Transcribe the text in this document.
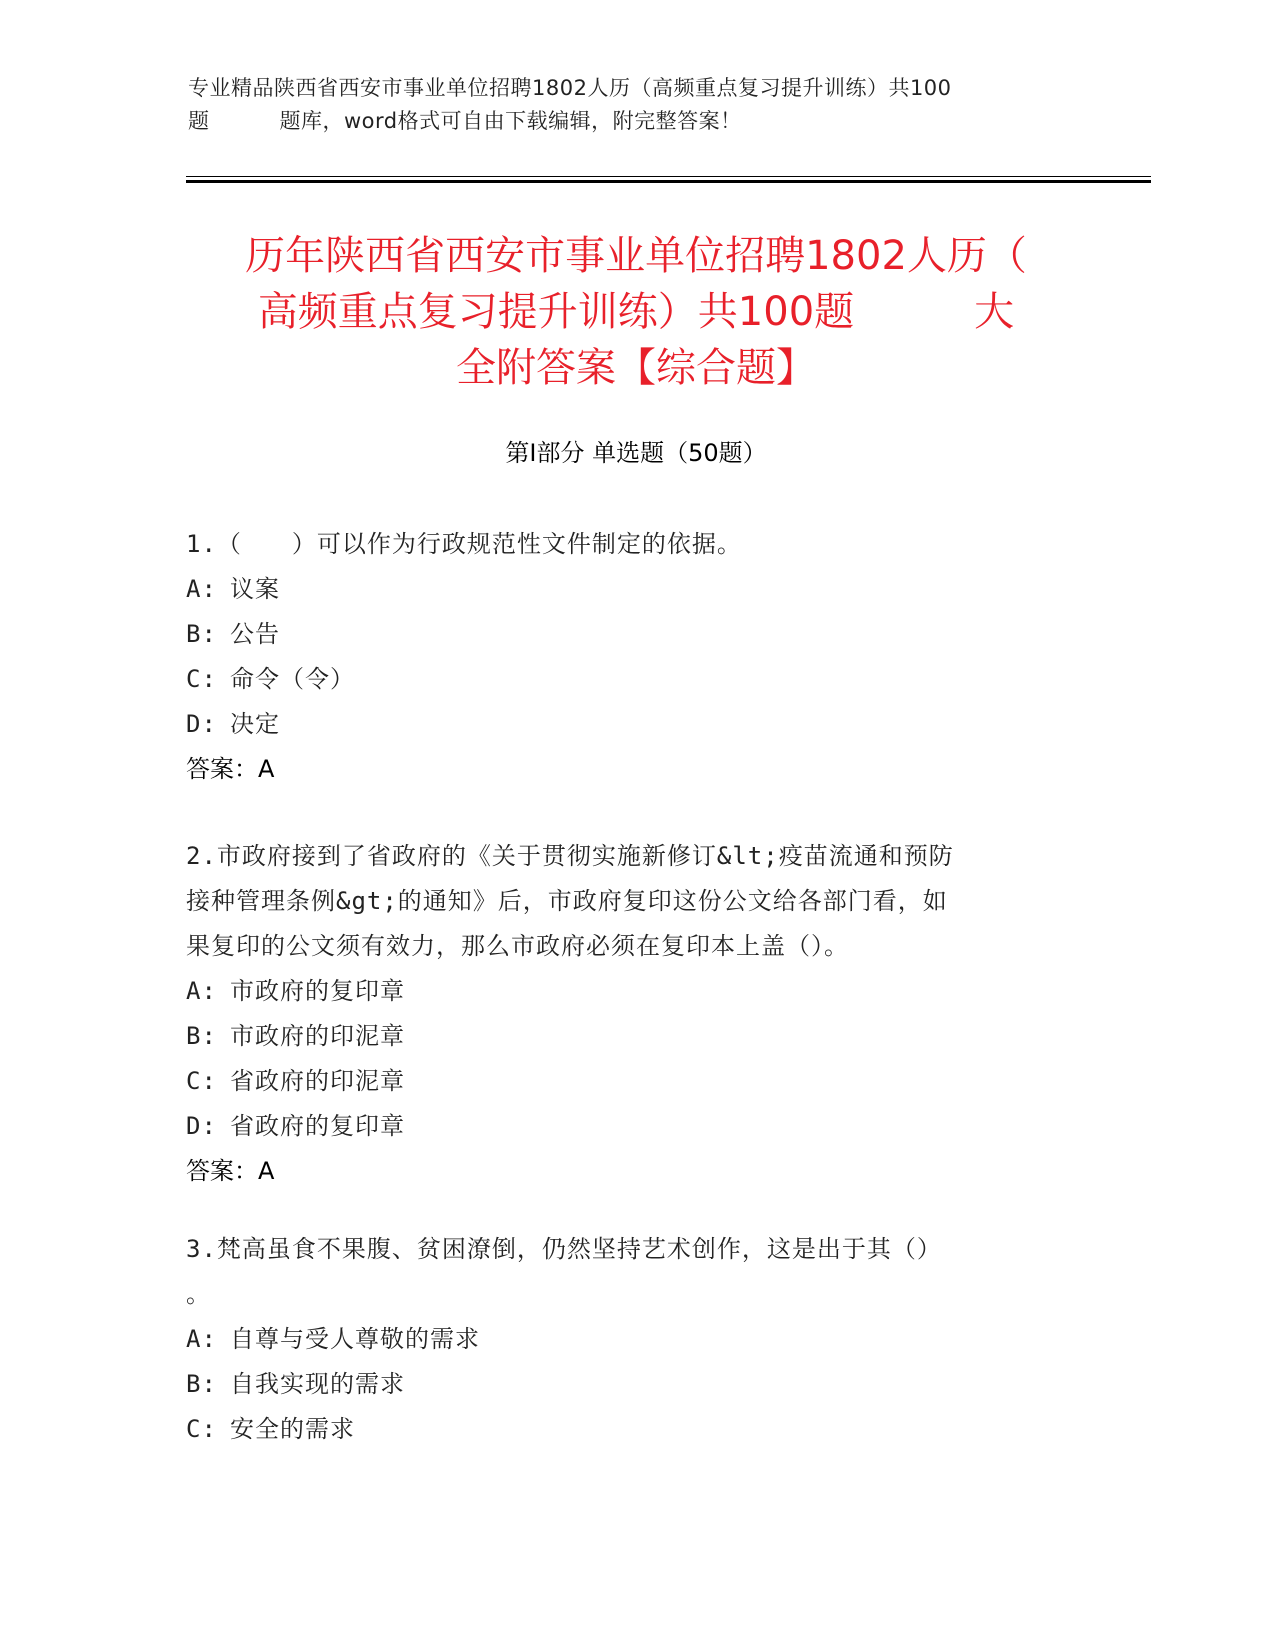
专业精品陕西省西安市事业单位招聘1802人历（高频重点复习提升训练）共100
题	题库，word格式可自由下载编辑，附完整答案！
历年陕西省西安市事业单位招聘1802人历（
高频重点复习提升训练）共100题	大
全附答案【综合题】
第Ⅰ部分 单选题（50题）
1.（　　）可以作为行政规范性文件制定的依据。
A: 议案
B: 公告
C: 命令（令）
D: 决定
答案：A
2.市政府接到了省政府的《关于贯彻实施新修订&lt;疫苗流通和预防
接种管理条例&gt;的通知》后，市政府复印这份公文给各部门看，如
果复印的公文须有效力，那么市政府必须在复印本上盖（）。
A: 市政府的复印章
B: 市政府的印泥章
C: 省政府的印泥章
D: 省政府的复印章
答案：A
3.梵高虽食不果腹、贫困潦倒，仍然坚持艺术创作，这是出于其（）
。
A: 自尊与受人尊敬的需求
B: 自我实现的需求
C: 安全的需求
